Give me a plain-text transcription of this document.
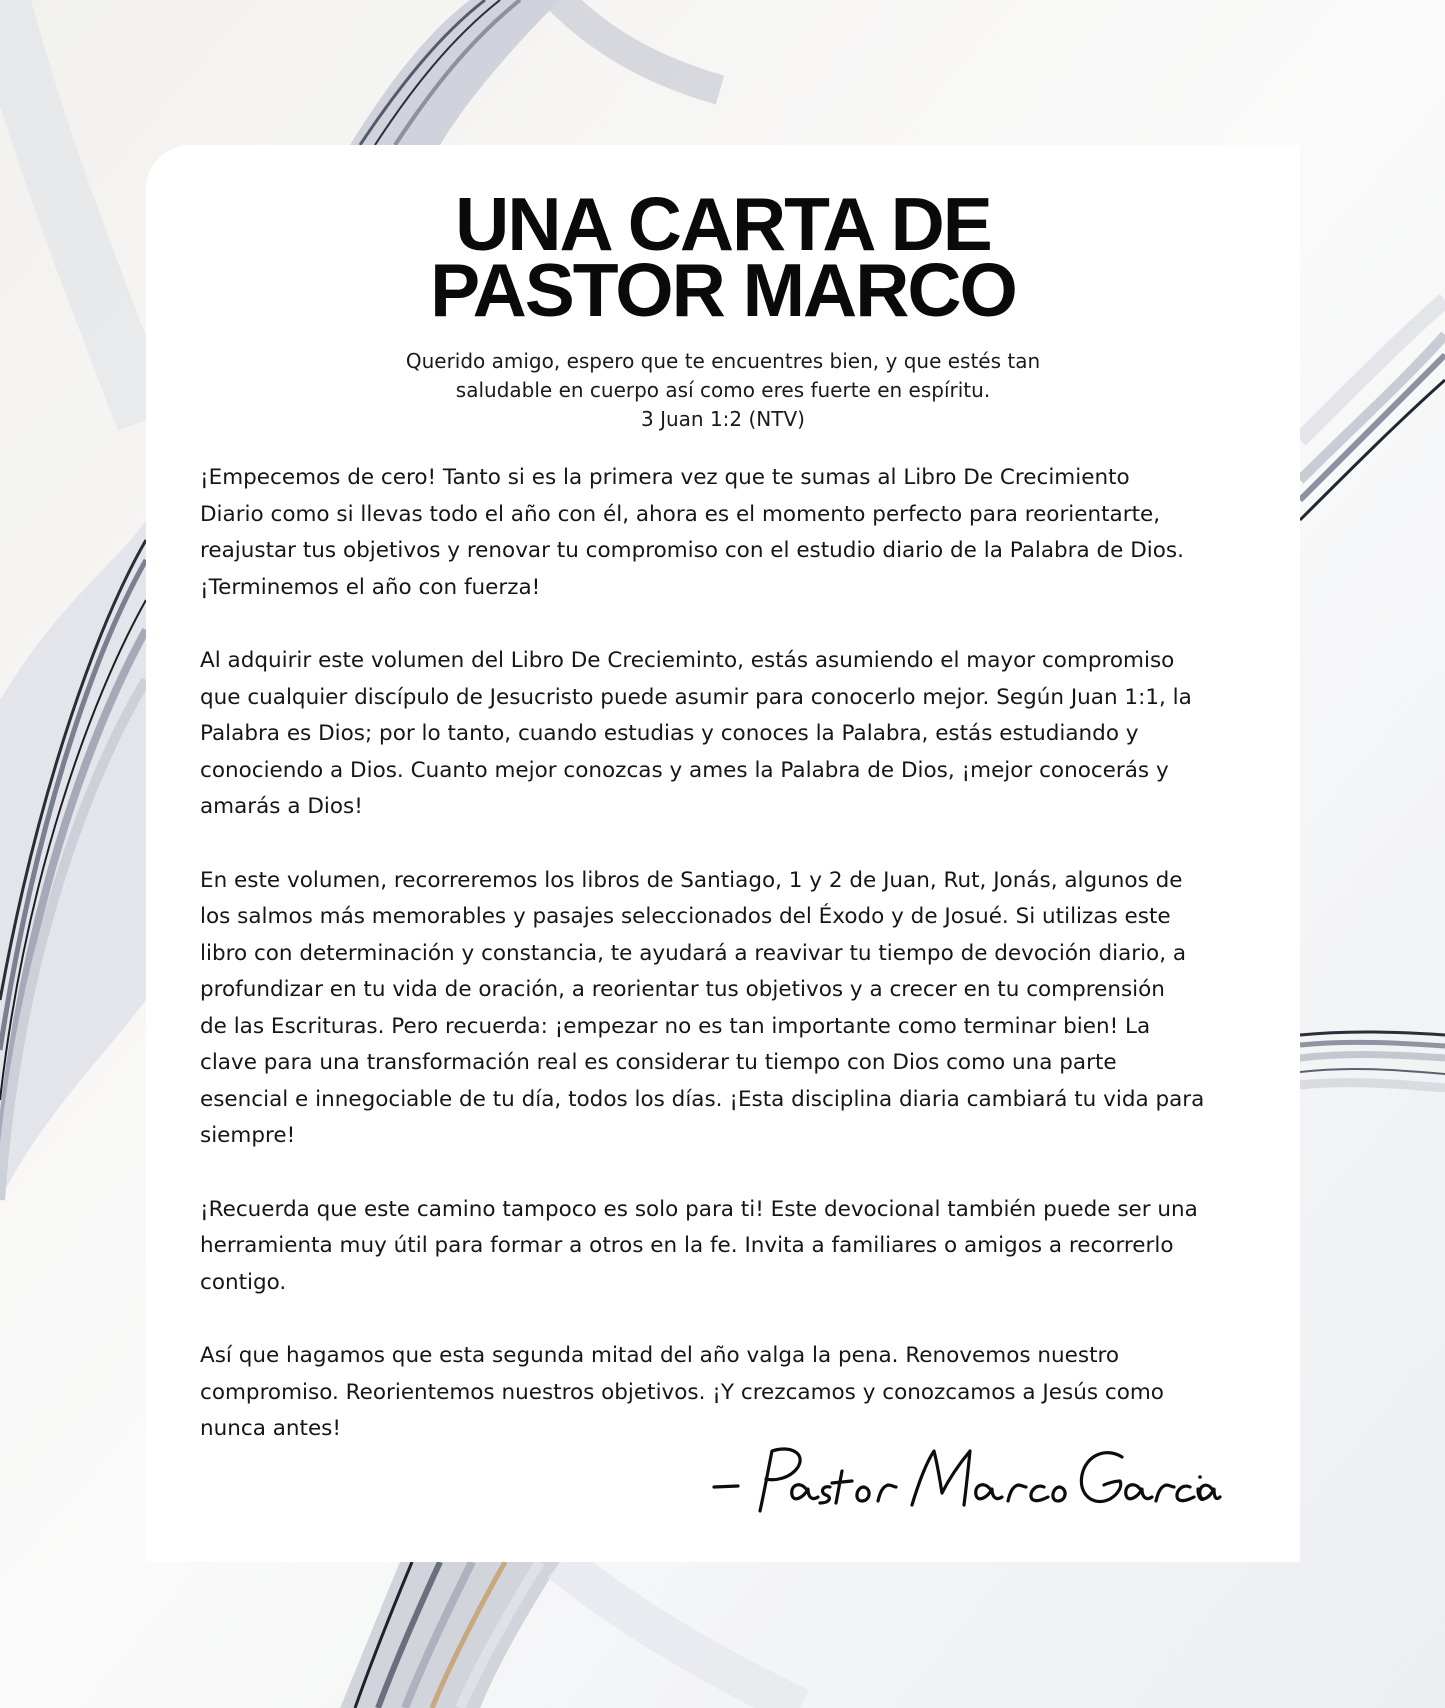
UNA CARTA DE
PASTOR MARCO
Querido amigo, espero que te encuentres bien, y que estés tan
saludable en cuerpo así como eres fuerte en espíritu.
3 Juan 1:2 (NTV)

¡Empecemos de cero! Tanto si es la primera vez que te sumas al Libro De Crecimiento
Diario como si llevas todo el año con él, ahora es el momento perfecto para reorientarte,
reajustar tus objetivos y renovar tu compromiso con el estudio diario de la Palabra de Dios.
¡Terminemos el año con fuerza!

Al adquirir este volumen del Libro De Crecieminto, estás asumiendo el mayor compromiso
que cualquier discípulo de Jesucristo puede asumir para conocerlo mejor. Según Juan 1:1, la
Palabra es Dios; por lo tanto, cuando estudias y conoces la Palabra, estás estudiando y
conociendo a Dios. Cuanto mejor conozcas y ames la Palabra de Dios, ¡mejor conocerás y
amarás a Dios!

En este volumen, recorreremos los libros de Santiago, 1 y 2 de Juan, Rut, Jonás, algunos de
los salmos más memorables y pasajes seleccionados del Éxodo y de Josué. Si utilizas este
libro con determinación y constancia, te ayudará a reavivar tu tiempo de devoción diario, a
profundizar en tu vida de oración, a reorientar tus objetivos y a crecer en tu comprensión
de las Escrituras. Pero recuerda: ¡empezar no es tan importante como terminar bien! La
clave para una transformación real es considerar tu tiempo con Dios como una parte
esencial e innegociable de tu día, todos los días. ¡Esta disciplina diaria cambiará tu vida para
siempre!

¡Recuerda que este camino tampoco es solo para ti! Este devocional también puede ser una
herramienta muy útil para formar a otros en la fe. Invita a familiares o amigos a recorrerlo
contigo.

Así que hagamos que esta segunda mitad del año valga la pena. Renovemos nuestro
compromiso. Reorientemos nuestros objetivos. ¡Y crezcamos y conozcamos a Jesús como
nunca antes!
